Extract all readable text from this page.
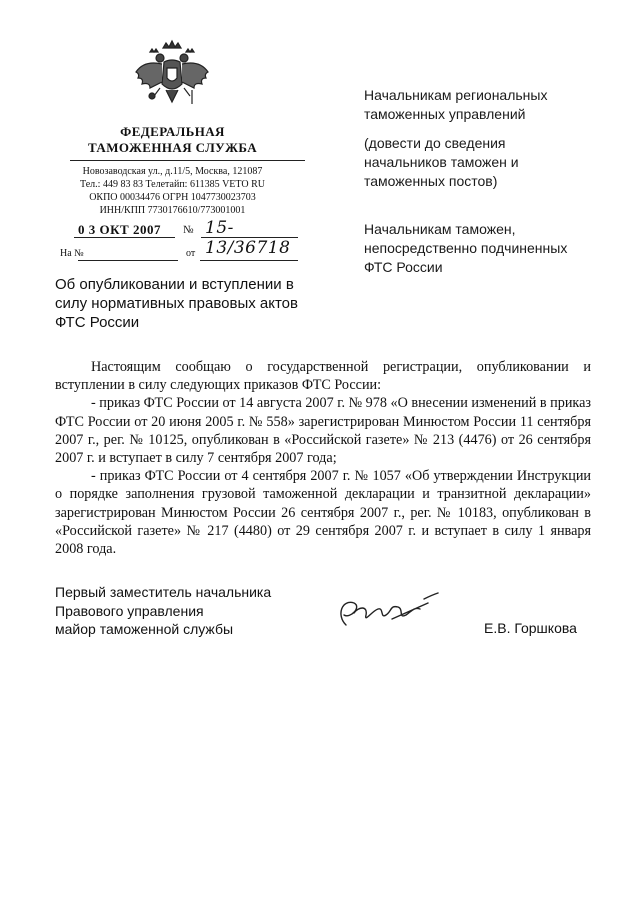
ФЕДЕРАЛЬНАЯ
ТАМОЖЕННАЯ СЛУЖБА
Новозаводская ул., д.11/5, Москва, 121087
Тел.: 449 83 83 Телетайп: 611385 VETO RU
ОКПО 00034476 ОГРН 1047730023703
ИНН/КПП 7730176610/773001001
0 3 ОКТ 2007 № 15-13/36718
На №	от
Начальникам региональных
таможенных управлений
(довести до сведения
начальников таможен и
таможенных постов)
Начальникам таможен,
непосредственно подчиненных
ФТС России
Об опубликовании и вступлении в
силу нормативных правовых актов
ФТС России

Настоящим сообщаю о государственной регистрации, опубликовании и вступлении в силу следующих приказов ФТС России:

- приказ ФТС России от 14 августа 2007 г. № 978 «О внесении изменений в приказ ФТС России от 20 июня 2005 г. № 558» зарегистрирован Минюстом России 11 сентября 2007 г., рег. № 10125, опубликован в «Российской газете» № 213 (4476) от 26 сентября 2007 г. и вступает в силу 7 сентября 2007 года;

- приказ ФТС России от 4 сентября 2007 г. № 1057 «Об утверждении Инструкции о порядке заполнения грузовой таможенной декларации и транзитной декларации» зарегистрирован Минюстом России 26 сентября 2007 г., рег. № 10183, опубликован в «Российской газете» № 217 (4480) от 29 сентября 2007 г. и вступает в силу 1 января 2008 года.

Первый заместитель начальника
Правового управления
майор таможенной службы	Е.В. Горшкова
